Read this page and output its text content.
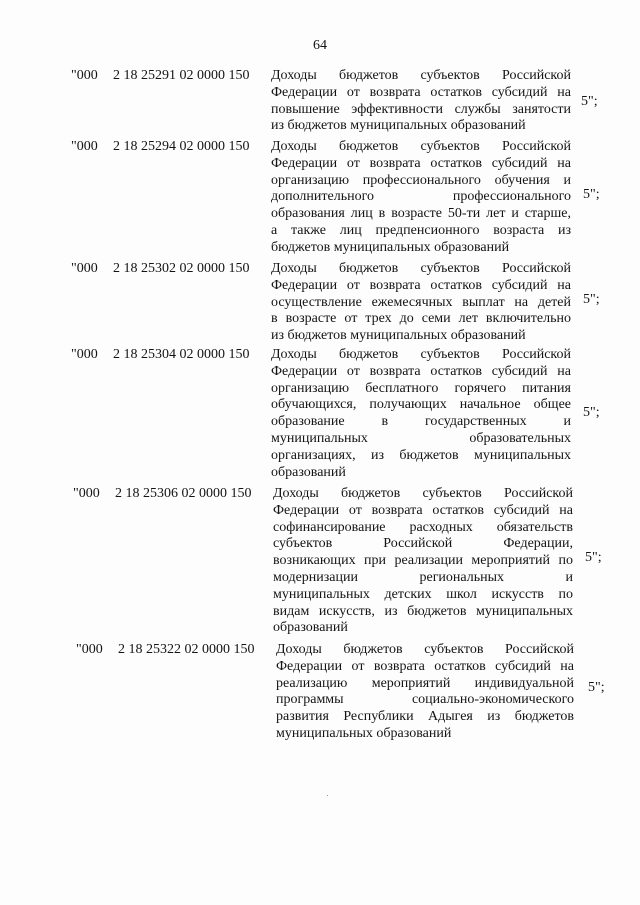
64
"000 2 18 25291 02 0000 150 Доходы бюджетов субъектов Российской
Федерации от возврата остатков субсидий на
повышение эффективности службы занятости
из бюджетов муниципальных образований
5";
"000 2 18 25294 02 0000 150 Доходы бюджетов субъектов Российской
Федерации от возврата остатков субсидий на
организацию профессионального обучения и
дополнительного профессионального
образования лиц в возрасте 50-ти лет и старше,
а также лиц предпенсионного возраста из
бюджетов муниципальных образований
5";
"000 2 18 25302 02 0000 150 Доходы бюджетов субъектов Российской
Федерации от возврата остатков субсидий на
осуществление ежемесячных выплат на детей
в возрасте от трех до семи лет включительно
из бюджетов муниципальных образований
5";
"000 2 18 25304 02 0000 150 Доходы бюджетов субъектов Российской
Федерации от возврата остатков субсидий на
организацию бесплатного горячего питания
обучающихся, получающих начальное общее
образование в государственных и
муниципальных образовательных
организациях, из бюджетов муниципальных
образований
5";
"000 2 18 25306 02 0000 150 Доходы бюджетов субъектов Российской
Федерации от возврата остатков субсидий на
софинансирование расходных обязательств
субъектов Российской Федерации,
возникающих при реализации мероприятий по
модернизации региональных и
муниципальных детских школ искусств по
видам искусств, из бюджетов муниципальных
образований
5";
"000 2 18 25322 02 0000 150 Доходы бюджетов субъектов Российской
Федерации от возврата остатков субсидий на
реализацию мероприятий индивидуальной
программы социально-экономического
развития Республики Адыгея из бюджетов
муниципальных образований
5";
